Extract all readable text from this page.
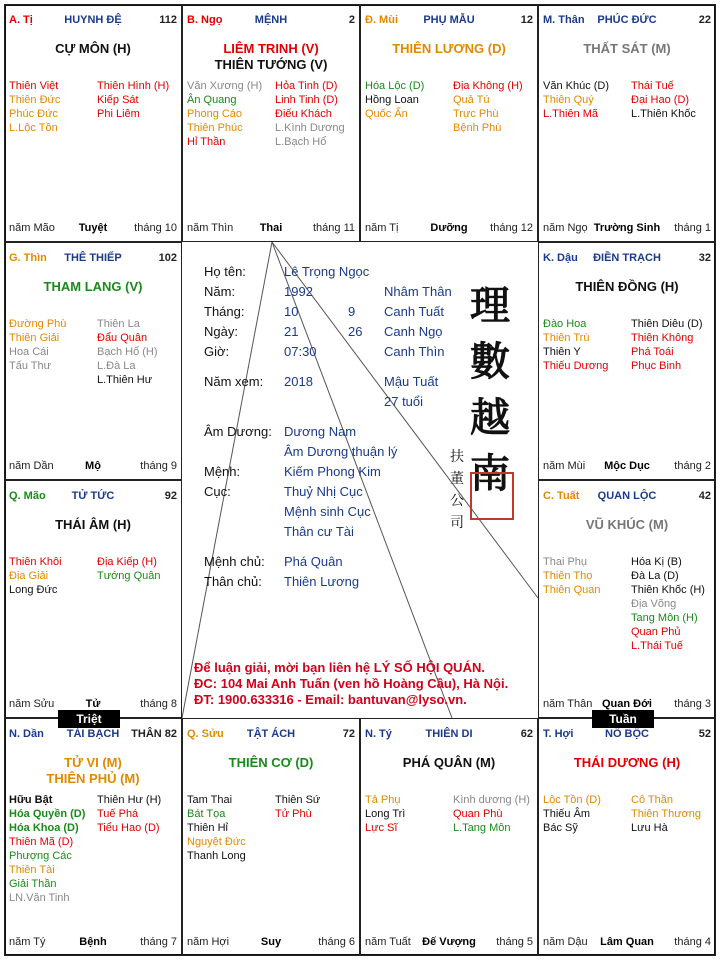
A. Tị	HUYNH ĐỆ	112
CỰ MÔN (H)
Thiên Việt
Thiên Đức
Phúc Đức
L.Lộc Tồn
Thiên Hình (H)
Kiếp Sát
Phi Liêm
năm Mão	Tuyệt	tháng 10
B. Ngọ	MỆNH	2
LIÊM TRINH (V)
THIÊN TƯỚNG (V)
Văn Xương (H)
Ân Quang
Phong Cáo
Thiên Phúc
Hỉ Thần
Hỏa Tinh (D)
Linh Tinh (D)
Điếu Khách
L.Kình Dương
L.Bạch Hổ
năm Thìn	Thai	tháng 11
Đ. Mùi	PHỤ MẪU	12
THIÊN LƯƠNG (D)
Hóa Lộc (D)
Hồng Loan
Quốc Ấn
Địa Không (H)
Quả Tú
Trực Phù
Bệnh Phù
năm Tị	Dưỡng	tháng 12
M. Thân	PHÚC ĐỨC	22
THẤT SÁT (M)
Văn Khúc (D)
Thiên Quý
L.Thiên Mã
Thái Tuế
Đại Hao (D)
L.Thiên Khốc
năm Ngọ Trường Sinh	tháng 1
G. Thìn	THÊ THIẾP	102
THAM LANG (V)
Đường Phù
Thiên Giải
Hoa Cái
Tấu Thư
Thiên La
Đẩu Quân
Bạch Hổ (H)
L.Đà La
L.Thiên Hư
năm Dần	Mộ	tháng 9
K. Dậu	ĐIỀN TRẠCH	32
THIÊN ĐỒNG (H)
Đào Hoa
Thiên Trù
Thiên Y
Thiếu Dương
Thiên Diêu (D)
Thiên Không
Phá Toái
Phục Binh
năm Mùi	Mộc Dục	tháng 2
Q. Mão	TỬ TỨC	92
THÁI ÂM (H)
Thiên Khôi
Địa Giải
Long Đức
Địa Kiếp (H)
Tướng Quân
năm Sửu	Tử	tháng 8
C. Tuất	QUAN LỘC	42
VŨ KHÚC (M)
Thai Phụ
Thiên Thọ
Thiên Quan
Hóa Kị (B)
Đà La (D)
Thiên Khốc (H)
Địa Võng
Tang Môn (H)
Quan Phủ
L.Thái Tuế
năm Thân Quan Đới	tháng 3
N. Dần	TÀI BẠCH	THÂN 82
TỬ VI (M)
THIÊN PHỦ (M)
Hữu Bật
Hóa Quyền (D)
Hóa Khoa (D)
Thiên Mã (D)
Phượng Các
Thiên Tài
Giải Thần
LN.Văn Tinh
Thiên Hư (H)
Tuế Phá
Tiểu Hao (D)
năm Tý	Bệnh	tháng 7
Q. Sửu	TẬT ÁCH	72
THIÊN CƠ (D)
Tam Thai
Bát Tọa
Thiên Hỉ
Nguyệt Đức
Thanh Long
Thiên Sứ
Tử Phù
năm Hợi	Suy	tháng 6
N. Tý	THIÊN DI	62
PHÁ QUÂN (M)
Tả Phụ
Long Trì
Lực Sĩ
Kình dương (H)
Quan Phù
L.Tang Môn
năm Tuất	Đế Vượng	tháng 5
T. Hợi	NÔ BỘC	52
THÁI DƯƠNG (H)
Lộc Tồn (D)
Thiếu Âm
Bác Sỹ
Cô Thần
Thiên Thương
Lưu Hà
năm Dậu	Lâm Quan	tháng 4
Họ tên:	Lê Trọng Ngọc
Năm:	1992	Nhâm Thân
Tháng:	10	9 Canh Tuất
Ngày:	21	26 Canh Ngọ
Giờ:	07:30	Canh Thìn
Năm xem: 2018	Mậu Tuất
27 tuổi
Âm Dương: Dương Nam
Âm Dương thuận lý
Mệnh:	Kiếm Phong Kim
Cục:	Thuỷ Nhị Cục
Mệnh sinh Cục
Thân cư Tài
Mệnh chủ: Phá Quân
Thân chủ: Thiên Lương
理
數
越
南
扶
董
公
司
Để luận giải, mời bạn liên hệ LÝ SỐ HỘI QUÁN.
ĐC: 104 Mai Anh Tuấn (ven hồ Hoàng Cầu), Hà Nội.
ĐT: 1900.633316 - Email: bantuvan@lyso.vn.
Triệt	Tuần
